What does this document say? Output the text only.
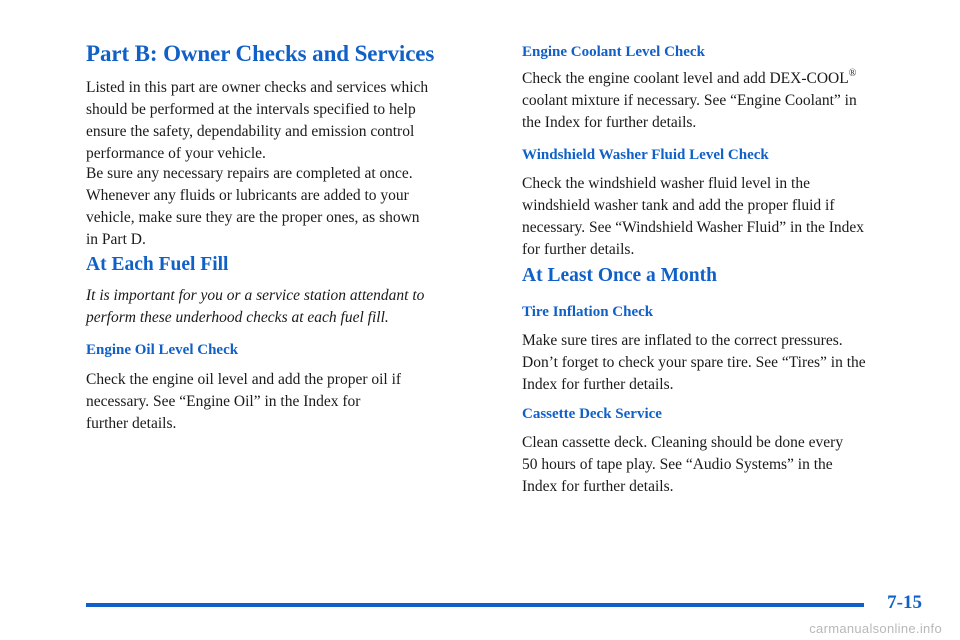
Part B: Owner Checks and Services

Listed in this part are owner checks and services which
should be performed at the intervals specified to help
ensure the safety, dependability and emission control
performance of your vehicle.

Be sure any necessary repairs are completed at once.
Whenever any fluids or lubricants are added to your
vehicle, make sure they are the proper ones, as shown
in Part D.

At Each Fuel Fill

It is important for you or a service station attendant to
perform these underhood checks at each fuel fill.

Engine Oil Level Check

Check the engine oil level and add the proper oil if
necessary. See “Engine Oil” in the Index for
further details.

Engine Coolant Level Check

Check the engine coolant level and add DEX-COOL®
coolant mixture if necessary. See “Engine Coolant” in
the Index for further details.

Windshield Washer Fluid Level Check

Check the windshield washer fluid level in the
windshield washer tank and add the proper fluid if
necessary. See “Windshield Washer Fluid” in the Index
for further details.

At Least Once a Month
Tire Inflation Check

Make sure tires are inflated to the correct pressures.
Don’t forget to check your spare tire. See “Tires” in the
Index for further details.

Cassette Deck Service

Clean cassette deck. Cleaning should be done every
50 hours of tape play. See “Audio Systems” in the
Index for further details.

7-15
carmanualsonline.info
